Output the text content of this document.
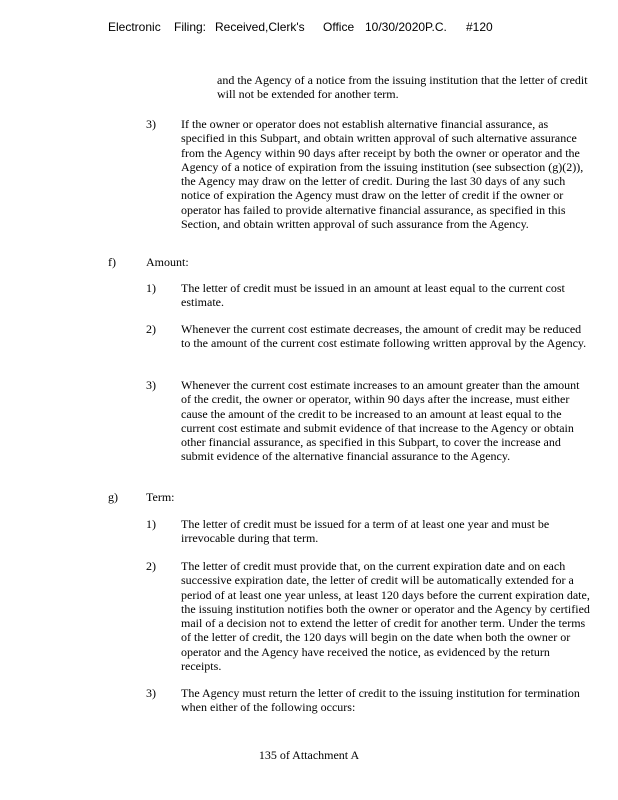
Electronic Filing: Received,Clerk's Office 10/30/2020P.C. #120

and the Agency of a notice from the issuing institution that the letter of credit will not be extended for another term.

3) If the owner or operator does not establish alternative financial assurance, as specified in this Subpart, and obtain written approval of such alternative assurance from the Agency within 90 days after receipt by both the owner or operator and the Agency of a notice of expiration from the issuing institution (see subsection (g)(2)), the Agency may draw on the letter of credit. During the last 30 days of any such notice of expiration the Agency must draw on the letter of credit if the owner or operator has failed to provide alternative financial assurance, as specified in this Section, and obtain written approval of such assurance from the Agency.

f)	Amount:
1) The letter of credit must be issued in an amount at least equal to the current cost estimate.

2) Whenever the current cost estimate decreases, the amount of credit may be reduced to the amount of the current cost estimate following written approval by the Agency.

3) Whenever the current cost estimate increases to an amount greater than the amount of the credit, the owner or operator, within 90 days after the increase, must either cause the amount of the credit to be increased to an amount at least equal to the current cost estimate and submit evidence of that increase to the Agency or obtain other financial assurance, as specified in this Subpart, to cover the increase and submit evidence of the alternative financial assurance to the Agency.

g) Term:
1) The letter of credit must be issued for a term of at least one year and must be irrevocable during that term.

2) The letter of credit must provide that, on the current expiration date and on each successive expiration date, the letter of credit will be automatically extended for a period of at least one year unless, at least 120 days before the current expiration date, the issuing institution notifies both the owner or operator and the Agency by certified mail of a decision not to extend the letter of credit for another term. Under the terms of the letter of credit, the 120 days will begin on the date when both the owner or operator and the Agency have received the notice, as evidenced by the return receipts.

3) The Agency must return the letter of credit to the issuing institution for termination when either of the following occurs:

135 of Attachment A
